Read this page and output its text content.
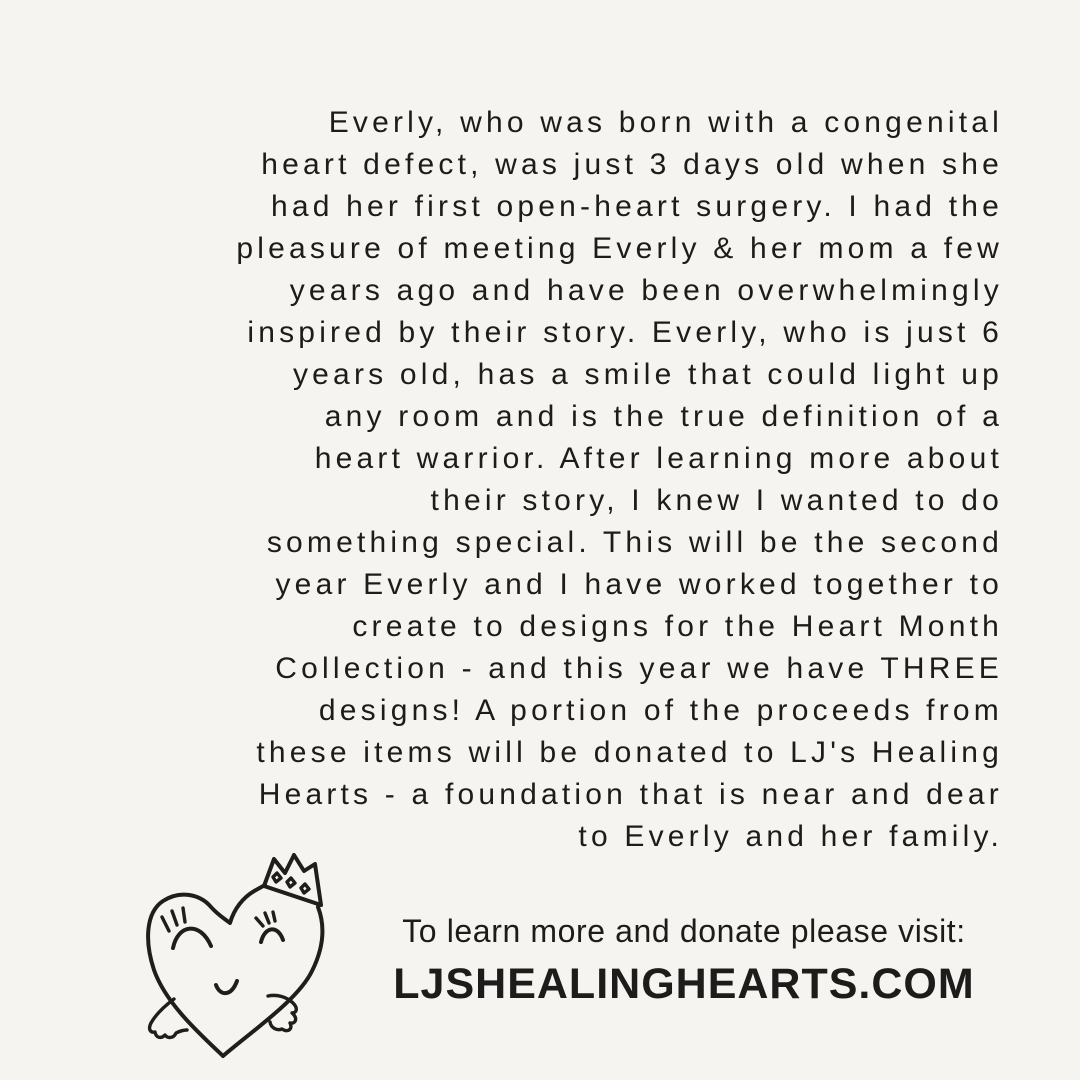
Everly, who was born with a congenital
heart defect, was just 3 days old when she
had her first open-heart surgery. I had the
pleasure of meeting Everly & her mom a few
years ago and have been overwhelmingly
inspired by their story. Everly, who is just 6
years old, has a smile that could light up
any room and is the true definition of a
heart warrior. After learning more about
their story, I knew I wanted to do
something special. This will be the second
year Everly and I have worked together to
create to designs for the Heart Month
Collection - and this year we have THREE
designs! A portion of the proceeds from
these items will be donated to LJ's Healing
Hearts - a foundation that is near and dear
to Everly and her family.
To learn more and donate please visit:
LJSHEALINGHEARTS.COM
